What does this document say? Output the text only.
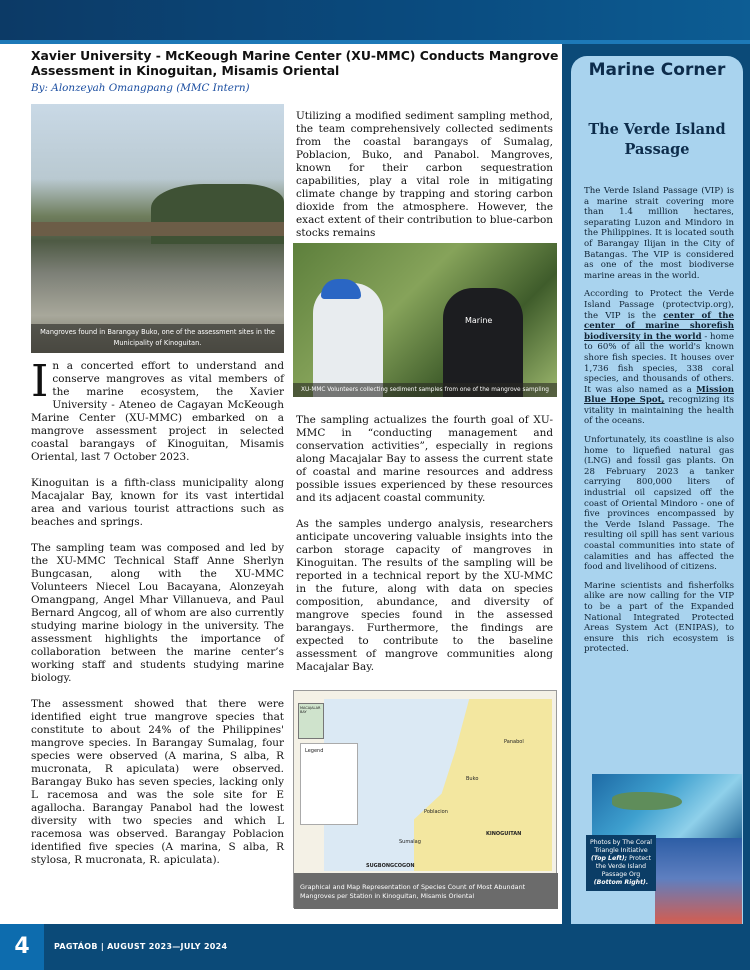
Xavier University - McKeough Marine Center (XU-MMC) Conducts Mangrove Assessment in Kinoguitan, Misamis Oriental
By: Alonzeyah Omangpang (MMC Intern)
Mangroves found in Barangay Buko, one of the assessment sites in the Municipality of Kinoguitan.

In a concerted effort to understand and conserve mangroves as vital members of the marine ecosystem, the Xavier University - Ateneo de Cagayan McKeough Marine Center (XU-MMC) embarked on a mangrove assessment project in selected coastal barangays of Kinoguitan, Misamis Oriental, last 7 October 2023.

Kinoguitan is a fifth-class municipality along Macajalar Bay, known for its vast intertidal area and various tourist attractions such as beaches and springs.

The sampling team was composed and led by the XU-MMC Technical Staff Anne Sherlyn Bungcasan, along with the XU-MMC Volunteers Niecel Lou Bacayana, Alonzeyah Omangpang, Angel Mhar Villanueva, and Paul Bernard Angcog, all of whom are also currently studying marine biology in the university. The assessment highlights the importance of collaboration between the marine center’s working staff and students studying marine biology.

The assessment showed that there were identified eight true mangrove species that constitute to about 24% of the Philippines' mangrove species. In Barangay Sumalag, four species were observed (A marina, S alba, R mucronata, R apiculata) were observed. Barangay Buko has seven species, lacking only L racemosa and was the sole site for E agallocha. Barangay Panabol had the lowest diversity with two species and which L racemosa was observed. Barangay Poblacion identified five species (A marina, S alba, R stylosa, R mucronata, R. apiculata).

Utilizing a modified sediment sampling method, the team comprehensively collected sediments from the coastal barangays of Sumalag, Poblacion, Buko, and Panabol. Mangroves, known for their carbon sequestration capabilities, play a vital role in mitigating climate change by trapping and storing carbon dioxide from the atmosphere. However, the exact extent of their contribution to blue-carbon stocks remains

Marine
XU-MMC Volunteers collecting sediment samples from one of the mangrove sampling sites.

The sampling actualizes the fourth goal of XU-MMC in “conducting management and conservation activities”, especially in regions along Macajalar Bay to assess the current state of coastal and marine resources and address possible issues experienced by these resources and its adjacent coastal community.

As the samples undergo analysis, researchers anticipate uncovering valuable insights into the carbon storage capacity of mangroves in Kinoguitan. The results of the sampling will be reported in a technical report by the XU-MMC in the future, along with data on species composition, abundance, and diversity of mangrove species found in the assessed barangays. Furthermore, the findings are expected to contribute to the baseline assessment of mangrove communities along Macajalar Bay.

MACAJALAR BAY
Legend
Buko
Panabol
Poblacion
Sumalag
KINOGUITAN
SUGBONGCOGON
Graphical and Map Representation of Species Count of Most Abundant Mangroves per Station in Kinoguitan, Misamis Oriental
Marine Corner
The Verde Island Passage

The Verde Island Passage (VIP) is a marine strait covering more than 1.4 million hectares, separating Luzon and Mindoro in the Philippines. It is located south of Barangay Ilijan in the City of Batangas. The VIP is considered as one of the most biodiverse marine areas in the world.

According to Protect the Verde Island Passage (protectvip.org), the VIP is the center of the center of marine shorefish biodiversity in the world - home to 60% of all the world's known shore fish species. It houses over 1,736 fish species, 338 coral species, and thousands of others. It was also named as a Mission Blue Hope Spot, recognizing its vitality in maintaining the health of the oceans.

Unfortunately, its coastline is also home to liquefied natural gas (LNG) and fossil gas plants. On 28 February 2023 a tanker carrying 800,000 liters of industrial oil capsized off the coast of Oriental Mindoro - one of five provinces encompassed by the Verde Island Passage. The resulting oil spill has sent various coastal communities into state of calamities and has affected the food and livelihood of citizens.

Marine scientists and fisherfolks alike are now calling for the VIP to be a part of the Expanded National Integrated Protected Areas System Act (ENIPAS), to ensure this rich ecosystem is protected.

Photos by The Coral Triangle Initiative (Top Left); Protect the Verde Island Passage Org (Bottom Right).
4	PAGTÁOB | AUGUST 2023—JULY 2024
